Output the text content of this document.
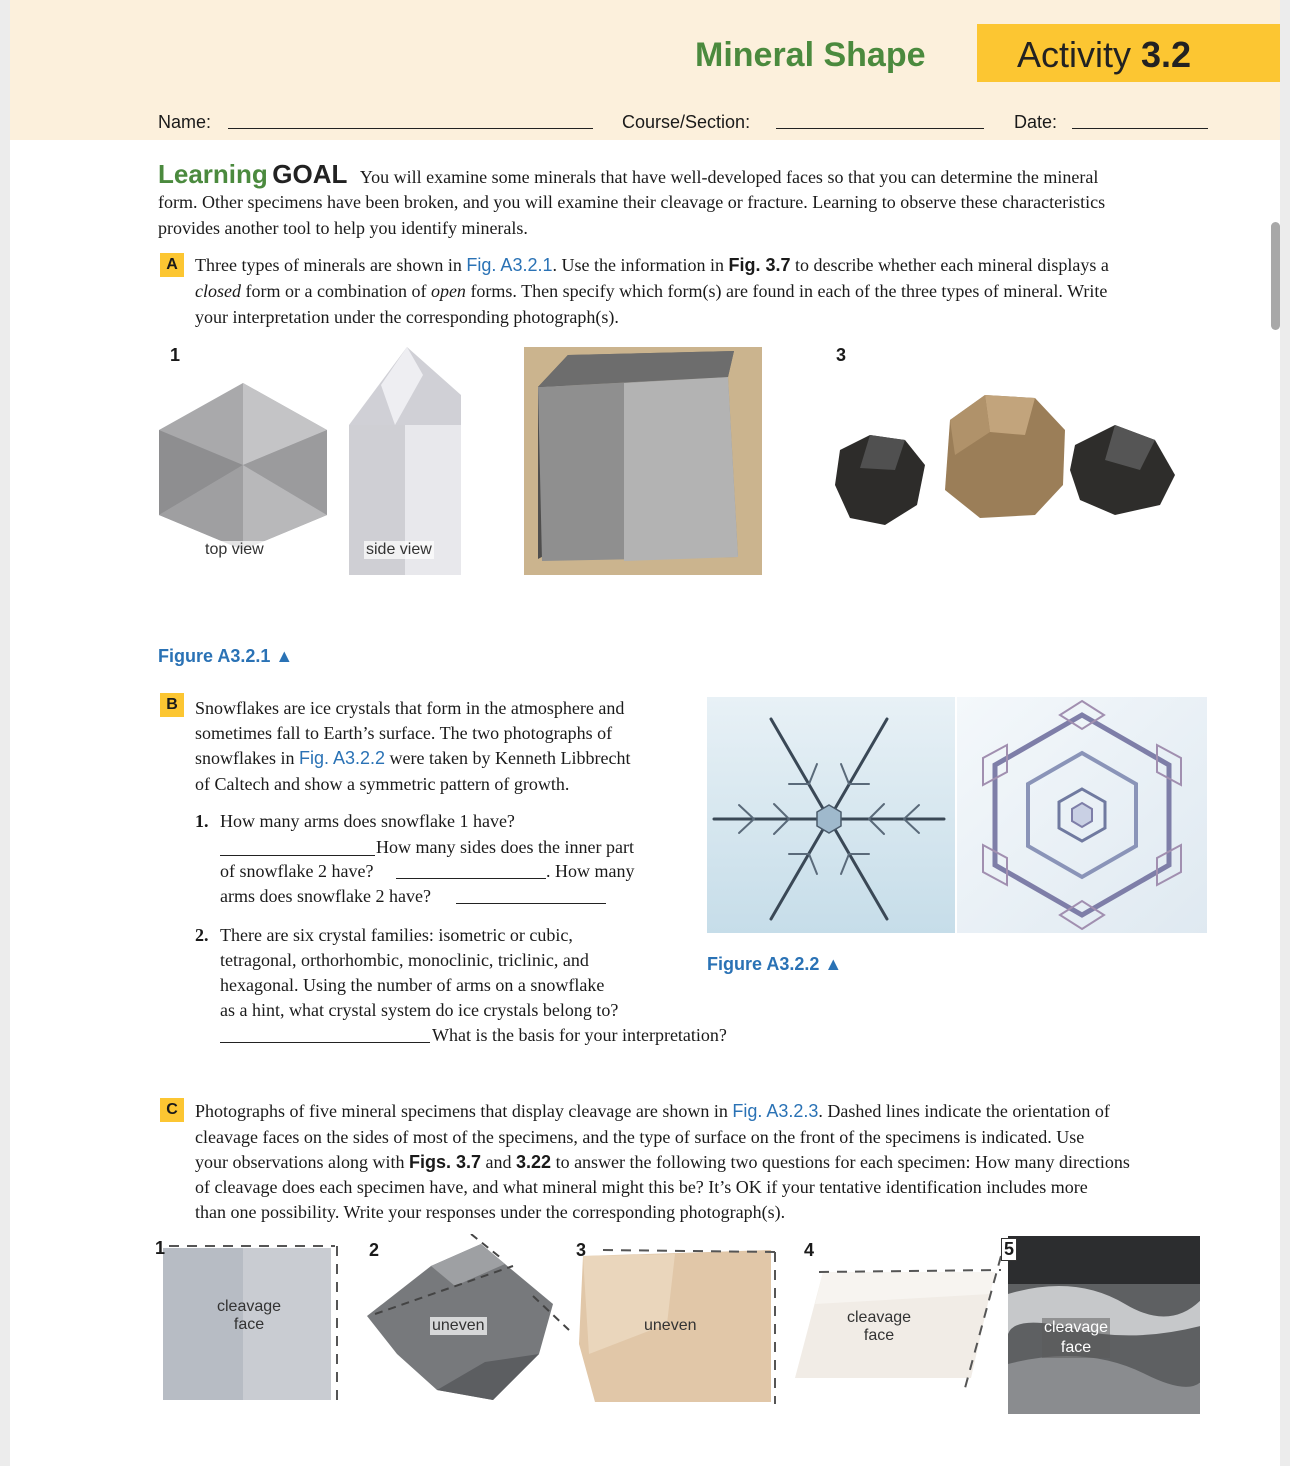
Mineral Shape	Activity 3.2
Name:	Course/Section:	Date:
Learning GOAL You will examine some minerals that have well-developed faces so that you can determine the mineral
form. Other specimens have been broken, and you will examine their cleavage or fracture. Learning to observe these characteristics
provides another tool to help you identify minerals.
A Three types of minerals are shown in Fig. A3.2.1. Use the information in Fig. 3.7 to describe whether each mineral displays a
closed form or a combination of open forms. Then specify which form(s) are found in each of the three types of mineral. Write
your interpretation under the corresponding photograph(s).
1	3
top view	side view
Figure A3.2.1 ▲
B Snowflakes are ice crystals that form in the atmosphere and
sometimes fall to Earth’s surface. The two photographs of
snowflakes in Fig. A3.2.2 were taken by Kenneth Libbrecht
of Caltech and show a symmetric pattern of growth.
1. How many arms does snowflake 1 have?
How many sides does the inner part
of snowflake 2 have?	. How many
arms does snowflake 2 have?
2. There are six crystal families: isometric or cubic,
tetragonal, orthorhombic, monoclinic, triclinic, and
hexagonal. Using the number of arms on a snowflake
as a hint, what crystal system do ice crystals belong to?
What is the basis for your interpretation?
Figure A3.2.2 ▲
C Photographs of five mineral specimens that display cleavage are shown in Fig. A3.2.3. Dashed lines indicate the orientation of
cleavage faces on the sides of most of the specimens, and the type of surface on the front of the specimens is indicated. Use
your observations along with Figs. 3.7 and 3.22 to answer the following two questions for each specimen: How many directions
of cleavage does each specimen have, and what mineral might this be? It’s OK if your tentative identification includes more
than one possibility. Write your responses under the corresponding photograph(s).
1	2	3	4	5
cleavage
face	uneven	uneven	cleavage
face	cleavage
face
